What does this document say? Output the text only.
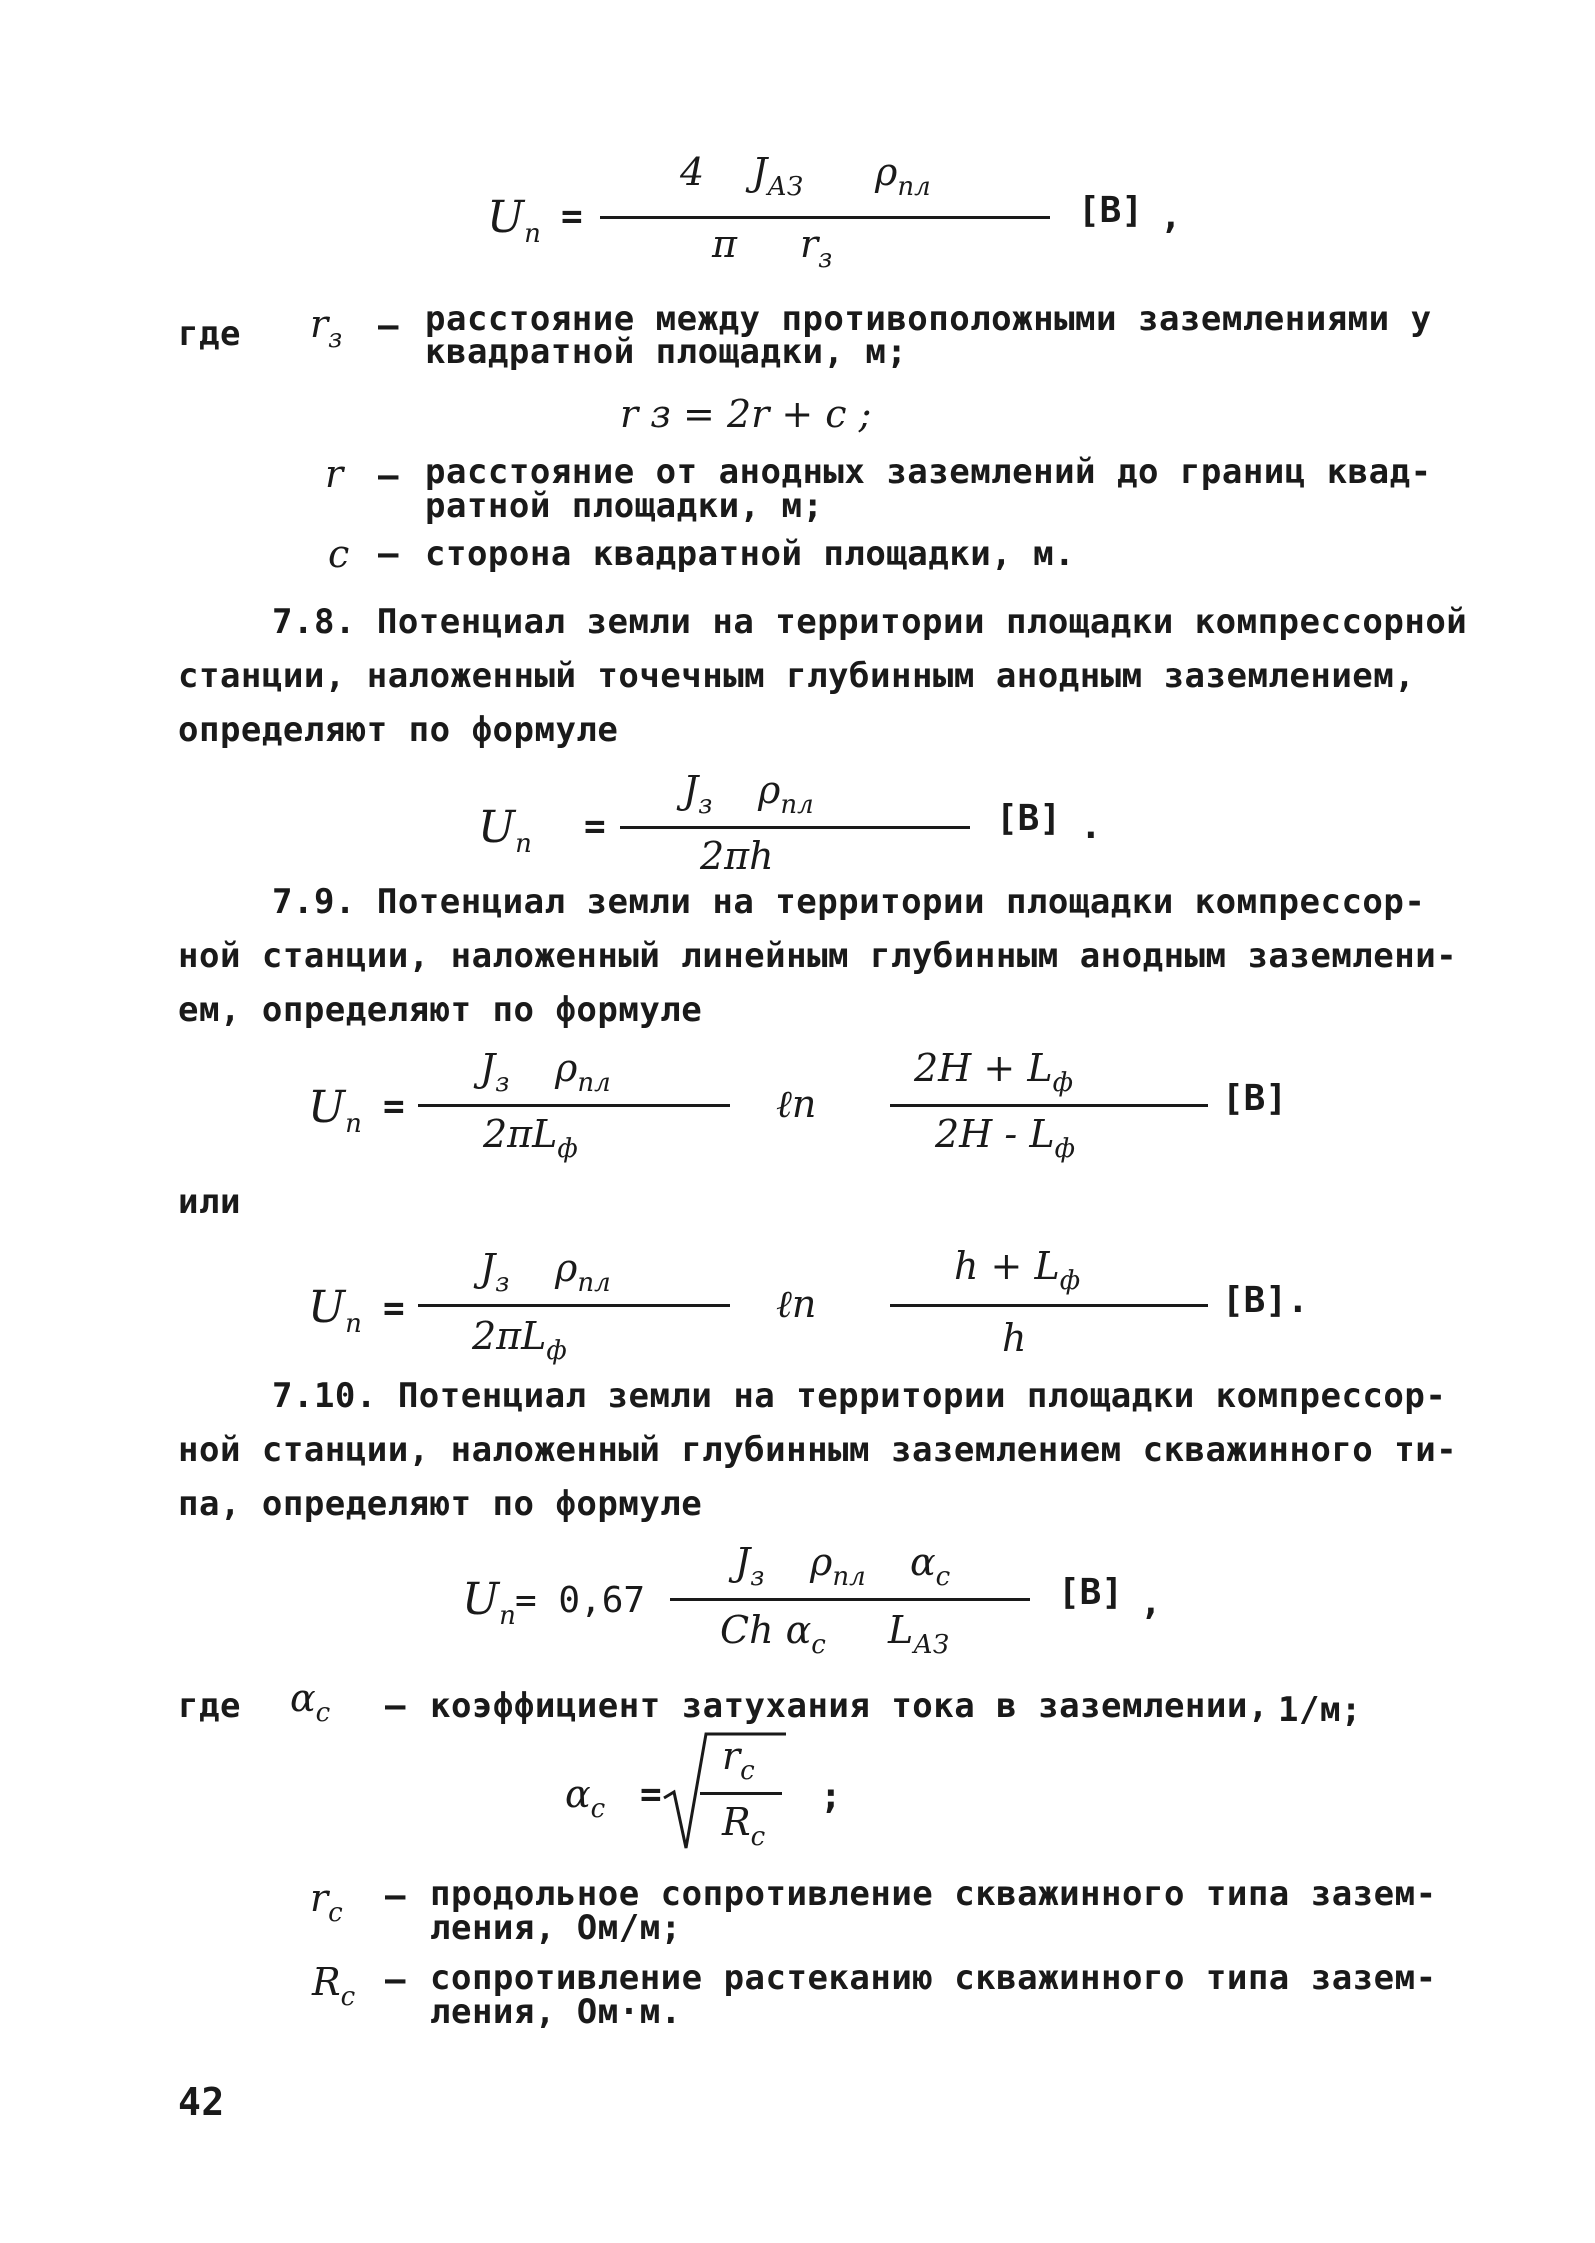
$U_п$ =
4 $J_{АЗ}$ $\rho_{пл}$
π $r_з$
[В] ,
где $r_з$ – расстояние между противоположными заземлениями у
квадратной площадки, м;
r з = 2r + c ;
r – расстояние от анодных заземлений до границ квад-
ратной площадки, м;
c – сторона квадратной площадки, м.
7.8. Потенциал земли на территории площадки компрессорной
станции, наложенный точечным глубинным анодным заземлением,
определяют по формуле
$U_п$ =
$J_з$ $\rho_{пл}$
2πh
[В] .
7.9. Потенциал земли на территории площадки компрессор-
ной станции, наложенный линейным глубинным анодным заземлени-
ем, определяют по формуле
$U_п$ =
$J_з$ $\rho_{пл}$
$2\pi L_ф$
ℓn
$2H + L_ф$
$2H - L_ф$
[В]
или
$U_п$ =
$J_з$ $\rho_{пл}$
$2\pi L_ф$
ℓn
$h + L_ф$
h
[В].
7.10. Потенциал земли на территории площадки компрессор-
ной станции, наложенный глубинным заземлением скважинного ти-
па, определяют по формуле
$U_п = 0,67$
$J_з$ $\rho_{пл}$ $\alpha_с$
Ch $\alpha_с$ $L_{АЗ}$
[В] ,
где $\alpha_с$ – коэффициент затухания тока в заземлении, 1/м;
$\alpha_с$ =
$r_с$
$R_с$
;
$r_с$ – продольное сопротивление скважинного типа зазем-
ления, Ом/м;
$R_с$ – сопротивление растеканию скважинного типа зазем-
ления, Ом·м.
42
